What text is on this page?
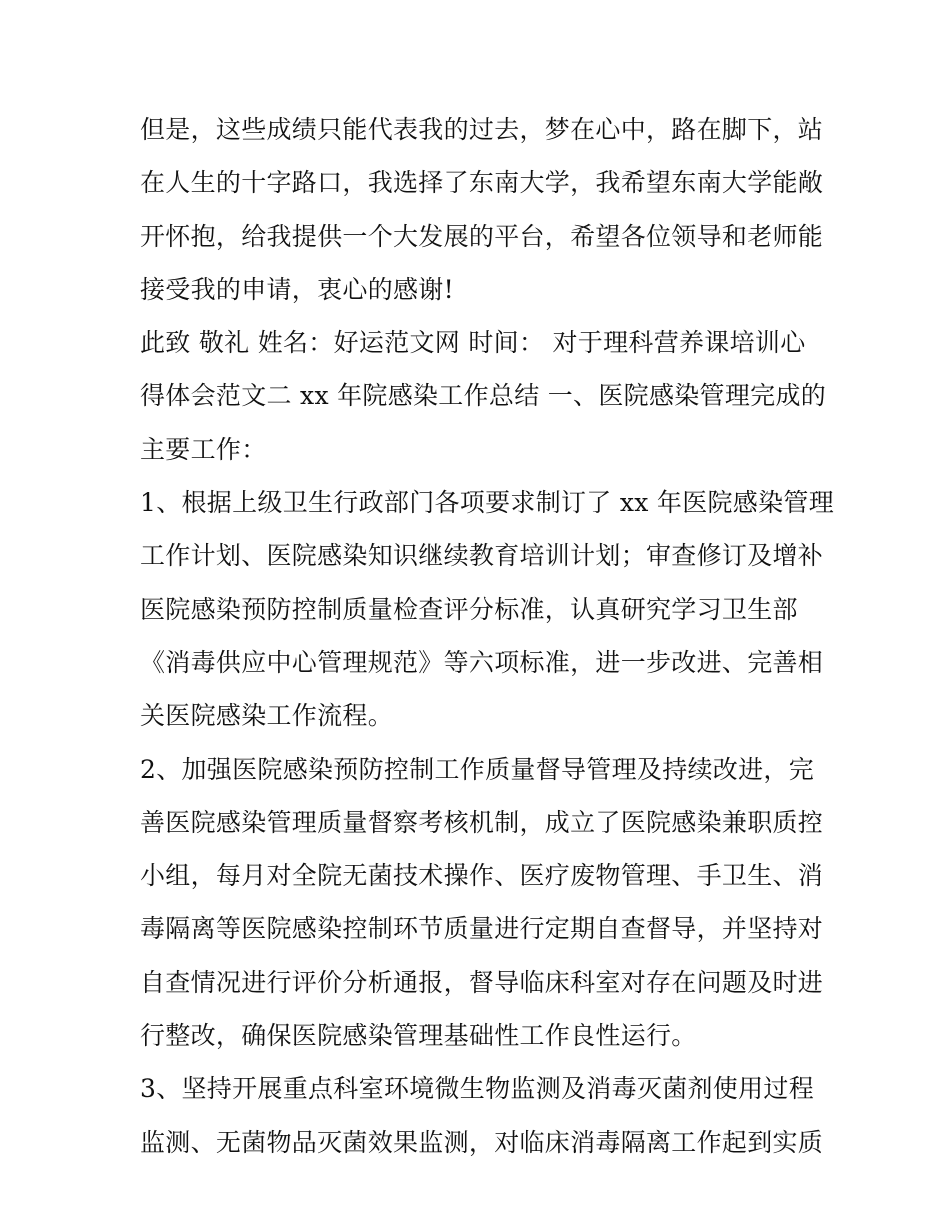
但是，这些成绩只能代表我的过去，梦在心中，路在脚下，站
在人生的十字路口，我选择了东南大学，我希望东南大学能敞
开怀抱，给我提供一个大发展的平台，希望各位领导和老师能
接受我的申请，衷心的感谢!
此致 敬礼 姓名：好运范文网 时间： 对于理科营养课培训心
得体会范文二 xx 年院感染工作总结 一、医院感染管理完成的
主要工作：
1、根据上级卫生行政部门各项要求制订了 xx 年医院感染管理
工作计划、医院感染知识继续教育培训计划；审查修订及增补
医院感染预防控制质量检查评分标准，认真研究学习卫生部
《消毒供应中心管理规范》等六项标准，进一步改进、完善相
关医院感染工作流程。
2、加强医院感染预防控制工作质量督导管理及持续改进，完
善医院感染管理质量督察考核机制，成立了医院感染兼职质控
小组，每月对全院无菌技术操作、医疗废物管理、手卫生、消
毒隔离等医院感染控制环节质量进行定期自查督导，并坚持对
自查情况进行评价分析通报，督导临床科室对存在问题及时进
行整改，确保医院感染管理基础性工作良性运行。
3、坚持开展重点科室环境微生物监测及消毒灭菌剂使用过程
监测、无菌物品灭菌效果监测，对临床消毒隔离工作起到实质
